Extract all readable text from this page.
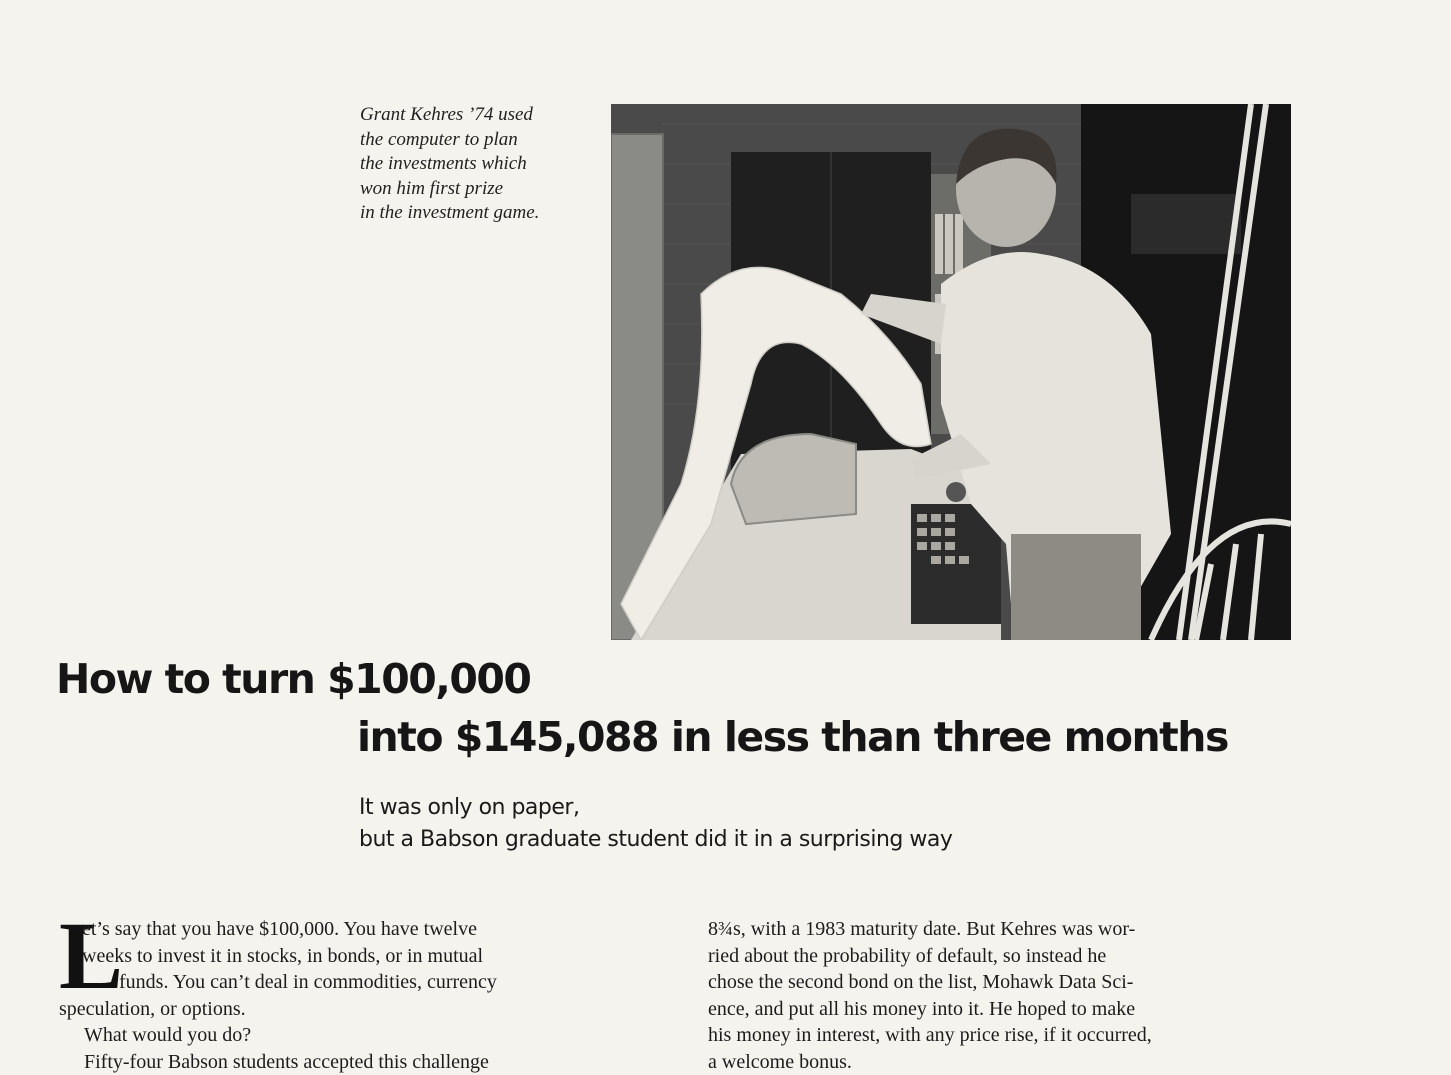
Grant Kehres ’74 used
the computer to plan
the investments which
won him first prize
in the investment game.
How to turn $100,000
into $145,088 in less than three months
It was only on paper,
but a Babson graduate student did it in a surprising way
L
et’s say that you have $100,000. You have twelve
weeks to invest it in stocks, in bonds, or in mutual
funds. You can’t deal in commodities, currency
speculation, or options.
What would you do?
Fifty-four Babson students accepted this challenge
8¾s, with a 1983 maturity date. But Kehres was wor-
ried about the probability of default, so instead he
chose the second bond on the list, Mohawk Data Sci-
ence, and put all his money into it. He hoped to make
his money in interest, with any price rise, if it occurred,
a welcome bonus.
